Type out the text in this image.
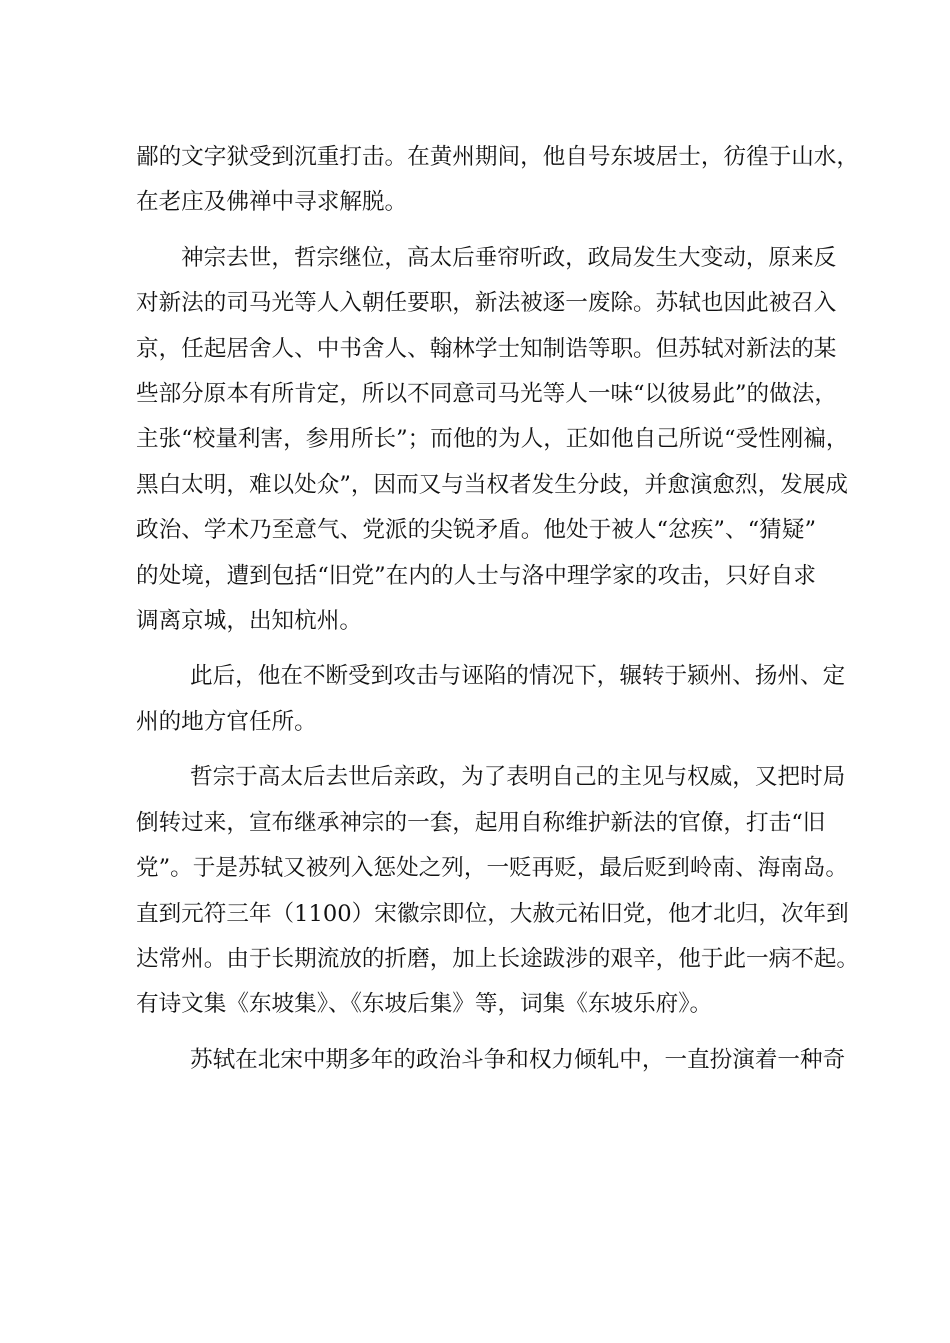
鄙的文字狱受到沉重打击。在黄州期间，他自号东坡居士，彷徨于山水，
在老庄及佛禅中寻求解脱。
神宗去世，哲宗继位，高太后垂帘听政，政局发生大变动，原来反
对新法的司马光等人入朝任要职，新法被逐一废除。苏轼也因此被召入
京，任起居舍人、中书舍人、翰林学士知制诰等职。但苏轼对新法的某
些部分原本有所肯定，所以不同意司马光等人一味“以彼易此”的做法，
主张“校量利害，参用所长”；而他的为人，正如他自己所说“受性刚褊，
黑白太明，难以处众”，因而又与当权者发生分歧，并愈演愈烈，发展成
政治、学术乃至意气、党派的尖锐矛盾。他处于被人“忿疾”、“猜疑”
的处境，遭到包括“旧党”在内的人士与洛中理学家的攻击，只好自求
调离京城，出知杭州。
此后，他在不断受到攻击与诬陷的情况下，辗转于颍州、扬州、定
州的地方官任所。
哲宗于高太后去世后亲政，为了表明自己的主见与权威，又把时局
倒转过来，宣布继承神宗的一套，起用自称维护新法的官僚，打击“旧
党”。于是苏轼又被列入惩处之列，一贬再贬，最后贬到岭南、海南岛。
直到元符三年（1100）宋徽宗即位，大赦元祐旧党，他才北归，次年到
达常州。由于长期流放的折磨，加上长途跋涉的艰辛，他于此一病不起。
有诗文集《东坡集》、《东坡后集》等，词集《东坡乐府》。
苏轼在北宋中期多年的政治斗争和权力倾轧中，一直扮演着一种奇
